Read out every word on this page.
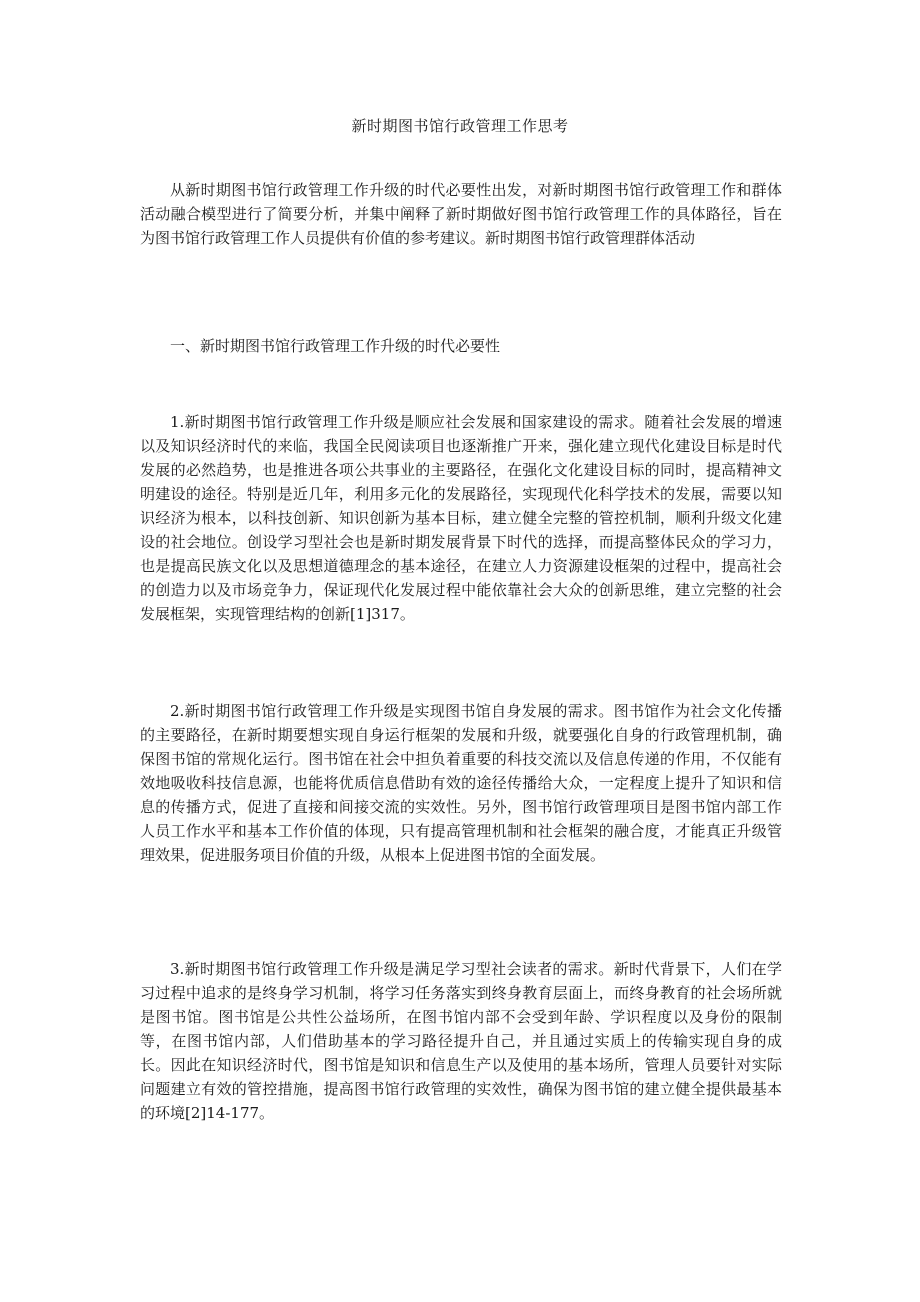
新时期图书馆行政管理工作思考

从新时期图书馆行政管理工作升级的时代必要性出发，对新时期图书馆行政管理工作和群体活动融合模型进行了简要分析，并集中阐释了新时期做好图书馆行政管理工作的具体路径，旨在为图书馆行政管理工作人员提供有价值的参考建议。新时期图书馆行政管理群体活动

一、新时期图书馆行政管理工作升级的时代必要性

1.新时期图书馆行政管理工作升级是顺应社会发展和国家建设的需求。随着社会发展的增速以及知识经济时代的来临，我国全民阅读项目也逐渐推广开来，强化建立现代化建设目标是时代发展的必然趋势，也是推进各项公共事业的主要路径，在强化文化建设目标的同时，提高精神文明建设的途径。特别是近几年，利用多元化的发展路径，实现现代化科学技术的发展，需要以知识经济为根本，以科技创新、知识创新为基本目标，建立健全完整的管控机制，顺利升级文化建设的社会地位。创设学习型社会也是新时期发展背景下时代的选择，而提高整体民众的学习力，也是提高民族文化以及思想道德理念的基本途径，在建立人力资源建设框架的过程中，提高社会的创造力以及市场竞争力，保证现代化发展过程中能依靠社会大众的创新思维，建立完整的社会发展框架，实现管理结构的创新[1]317。

2.新时期图书馆行政管理工作升级是实现图书馆自身发展的需求。图书馆作为社会文化传播的主要路径，在新时期要想实现自身运行框架的发展和升级，就要强化自身的行政管理机制，确保图书馆的常规化运行。图书馆在社会中担负着重要的科技交流以及信息传递的作用，不仅能有效地吸收科技信息源，也能将优质信息借助有效的途径传播给大众，一定程度上提升了知识和信息的传播方式，促进了直接和间接交流的实效性。另外，图书馆行政管理项目是图书馆内部工作人员工作水平和基本工作价值的体现，只有提高管理机制和社会框架的融合度，才能真正升级管理效果，促进服务项目价值的升级，从根本上促进图书馆的全面发展。

3.新时期图书馆行政管理工作升级是满足学习型社会读者的需求。新时代背景下，人们在学习过程中追求的是终身学习机制，将学习任务落实到终身教育层面上，而终身教育的社会场所就是图书馆。图书馆是公共性公益场所，在图书馆内部不会受到年龄、学识程度以及身份的限制等，在图书馆内部，人们借助基本的学习路径提升自己，并且通过实质上的传输实现自身的成长。因此在知识经济时代，图书馆是知识和信息生产以及使用的基本场所，管理人员要针对实际问题建立有效的管控措施，提高图书馆行政管理的实效性，确保为图书馆的建立健全提供最基本的环境[2]14-177。
